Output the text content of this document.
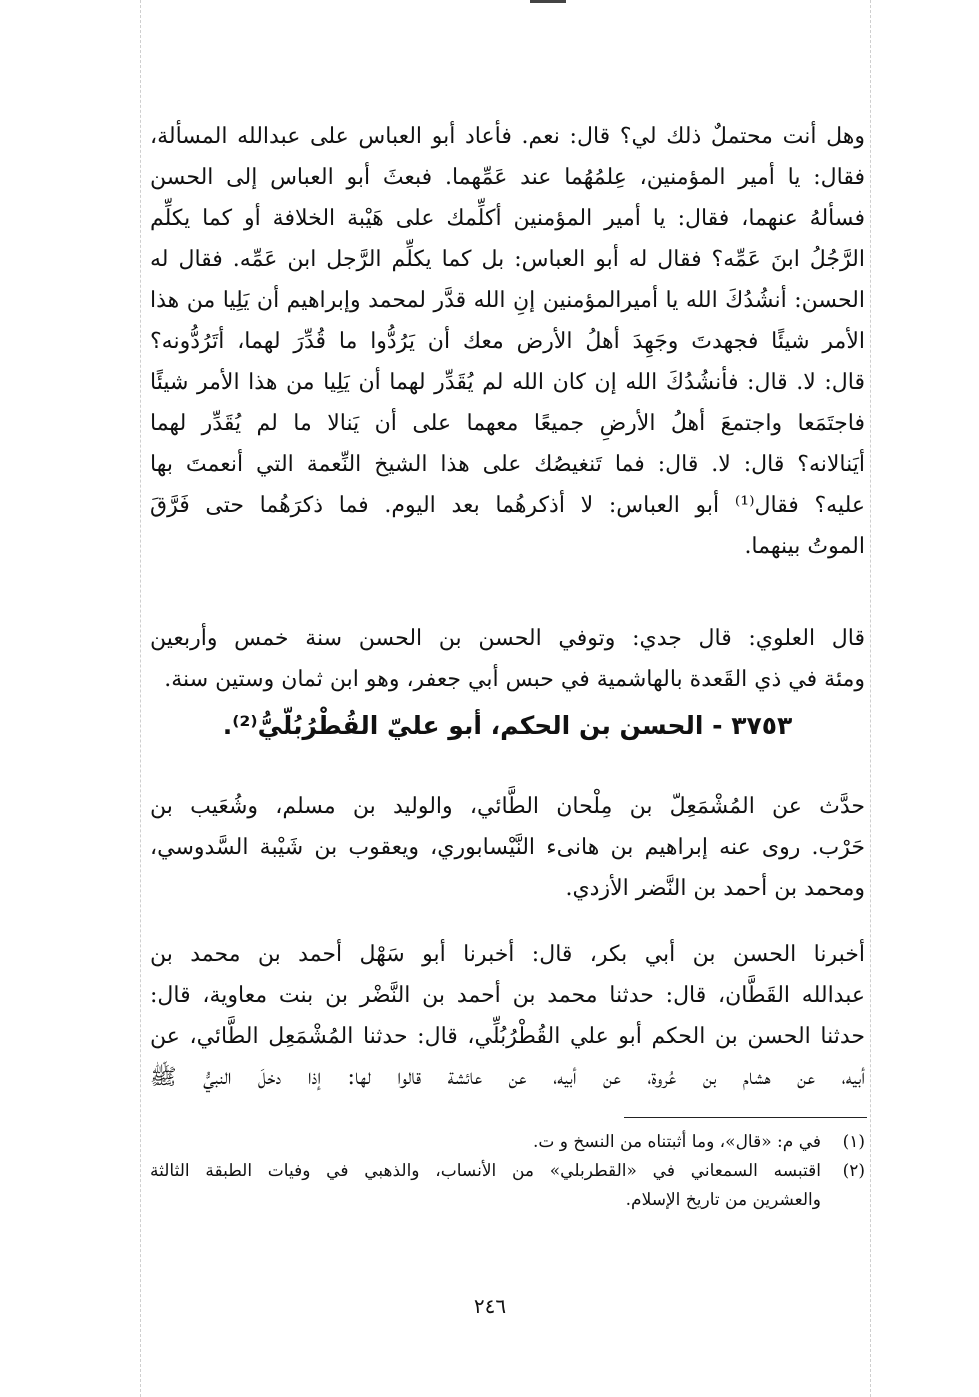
وهل أنت محتملٌ ذلك لي؟ قال: نعم. فأعاد أبو العباس على عبدالله المسألة،
فقال: يا أمير المؤمنين، عِلمُهُما عند عَمِّهما. فبعثَ أبو العباس إلى الحسن
فسألهُ عنهما، فقال: يا أمير المؤمنين أكلِّمك على هَيْبة الخلافة أو كما يكلِّم
الرَّجُلُ ابنَ عَمِّه؟ فقال له أبو العباس: بل كما يكلِّم الرَّجل ابن عَمِّه. فقال له
الحسن: أنشُدُكَ الله يا أميرالمؤمنين إنِ الله قدَّر لمحمد وإبراهيم أن يَلِيا من هذا
الأمر شيئًا فجهدتَ وجَهِدَ أهلُ الأرض معك أن يَرُدُّوا ما قُدِّرَ لهما، أتَرُدُّونه؟
قال: لا. قال: فأنشُدُكَ الله إن كان الله لم يُقَدِّر لهما أن يَلِيا من هذا الأمر شيئًا
فاجتَمَعا واجتمعَ أهلُ الأرضِ جميعًا معهما على أن يَنالا ما لم يُقَدِّر لهما
أيَنالانه؟ قال: لا. قال: فما تَنغيصُك على هذا الشيخ النِّعمة التي أنعمتَ بها
عليه؟ فقال⁽¹⁾ أبو العباس: لا أذكرهُما بعد اليوم. فما ذكرَهُما حتى فَرَّقَ
الموتُ بينهما.
قال العلوي: قال جدي: وتوفي الحسن بن الحسن سنة خمس وأربعين
ومئة في ذي القَعدة بالهاشمية في حبس أبي جعفر، وهو ابن ثمان وستين سنة.
٣٧٥٣ - الحسن بن الحكم، أبو عليّ القُطْرُبُلّيُّ⁽²⁾.
حدَّث عن المُشْمَعِلّ بن مِلْحان الطَّائي، والوليد بن مسلم، وشُعَيب بن
حَرْب. روى عنه إبراهيم بن هانىء النَّيْسابوري، ويعقوب بن شَيْبة السَّدوسي،
ومحمد بن أحمد بن النَّضر الأزدي.
أخبرنا الحسن بن أبي بكر، قال: أخبرنا أبو سَهْل أحمد بن محمد بن
عبدالله القَطَّان، قال: حدثنا محمد بن أحمد بن النَّضْر بن بنت معاوية، قال:
حدثنا الحسن بن الحكم أبو علي القُطْرُبُلِّي، قال: حدثنا المُشْمَعِل الطَّائي، عن
أبيه، عن هشام بن عُروة، عن أبيه، عن عائشة قالوا لها: إذا دخلَ النبيُّ ﷺ
(١)
في م: «قال»، وما أثبتناه من النسخ و ت.
(٢)
اقتبسه السمعاني في «القطربلي» من الأنساب، والذهبي في وفيات الطبقة الثالثة
والعشرين من تاريخ الإسلام.
٢٤٦
